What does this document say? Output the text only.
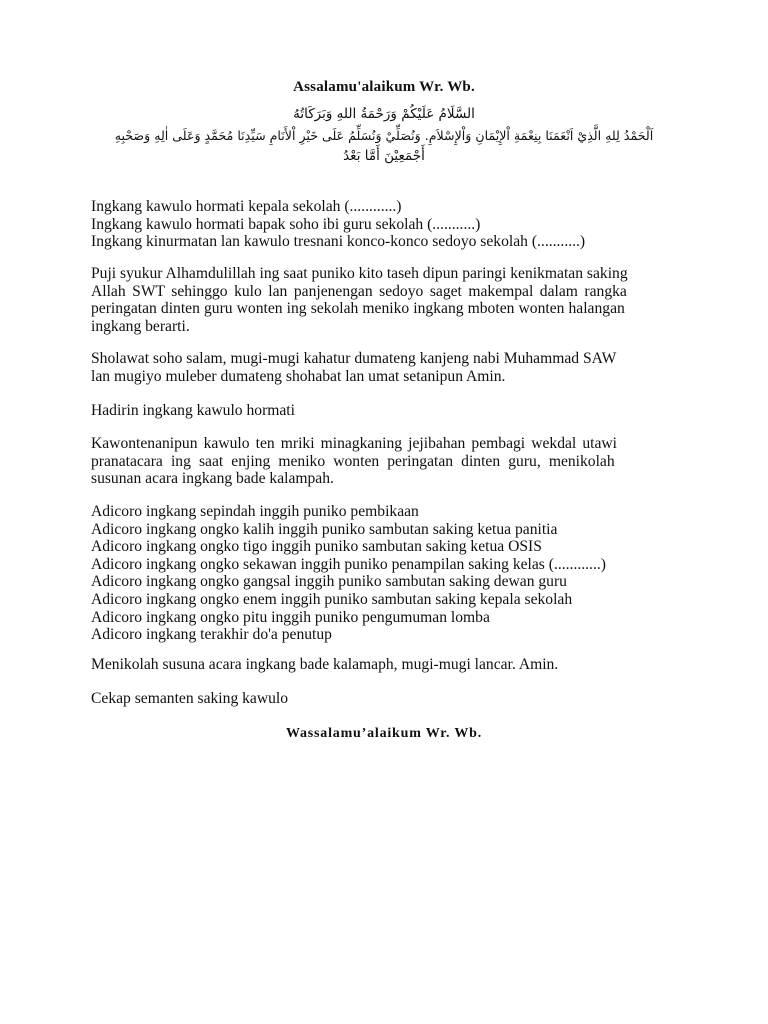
Assalamu'alaikum Wr. Wb.
السَّلَامُ عَلَيْكُمْ وَرَحْمَةُ اللهِ وَبَرَكَاتُهُ
اَلْحَمْدُ لِلهِ الَّذِيْ اَنْعَمَنَا بِنِعْمَةِ اْلإِيْمَانِ وَاْلإِسْلاَمِ. وَنُصَلِّيْ وَنُسَلِّمُ عَلَى خَيْرِ اْلأَنَامِ سَيِّدِنَا مُحَمَّدٍ وَعَلَى اٰلِهِ وَصَحْبِهِ
أَجْمَعِيْنَ أَمَّا بَعْدُ
Ingkang kawulo hormati kepala sekolah (............)
Ingkang kawulo hormati bapak soho ibi guru sekolah (...........)
Ingkang kinurmatan lan kawulo tresnani konco-konco sedoyo sekolah (...........)
Puji syukur Alhamdulillah ing saat puniko kito taseh dipun paringi kenikmatan saking
Allah SWT sehinggo kulo lan panjenengan sedoyo saget makempal dalam rangka
peringatan dinten guru wonten ing sekolah meniko ingkang mboten wonten halangan
ingkang berarti.
Sholawat soho salam, mugi-mugi kahatur dumateng kanjeng nabi Muhammad SAW
lan mugiyo muleber dumateng shohabat lan umat setanipun Amin.
Hadirin ingkang kawulo hormati
Kawontenanipun kawulo ten mriki minagkaning jejibahan pembagi wekdal utawi
pranatacara ing saat enjing meniko wonten peringatan dinten guru, menikolah
susunan acara ingkang bade kalampah.
Adicoro ingkang sepindah inggih puniko pembikaan
Adicoro ingkang ongko kalih inggih puniko sambutan saking ketua panitia
Adicoro ingkang ongko tigo inggih puniko sambutan saking ketua OSIS
Adicoro ingkang ongko sekawan inggih puniko penampilan saking kelas (............)
Adicoro ingkang ongko gangsal inggih puniko sambutan saking dewan guru
Adicoro ingkang ongko enem inggih puniko sambutan saking kepala sekolah
Adicoro ingkang ongko pitu inggih puniko pengumuman lomba
Adicoro ingkang terakhir do'a penutup
Menikolah susuna acara ingkang bade kalamaph, mugi-mugi lancar. Amin.
Cekap semanten saking kawulo
Wassalamu’alaikum Wr. Wb.
